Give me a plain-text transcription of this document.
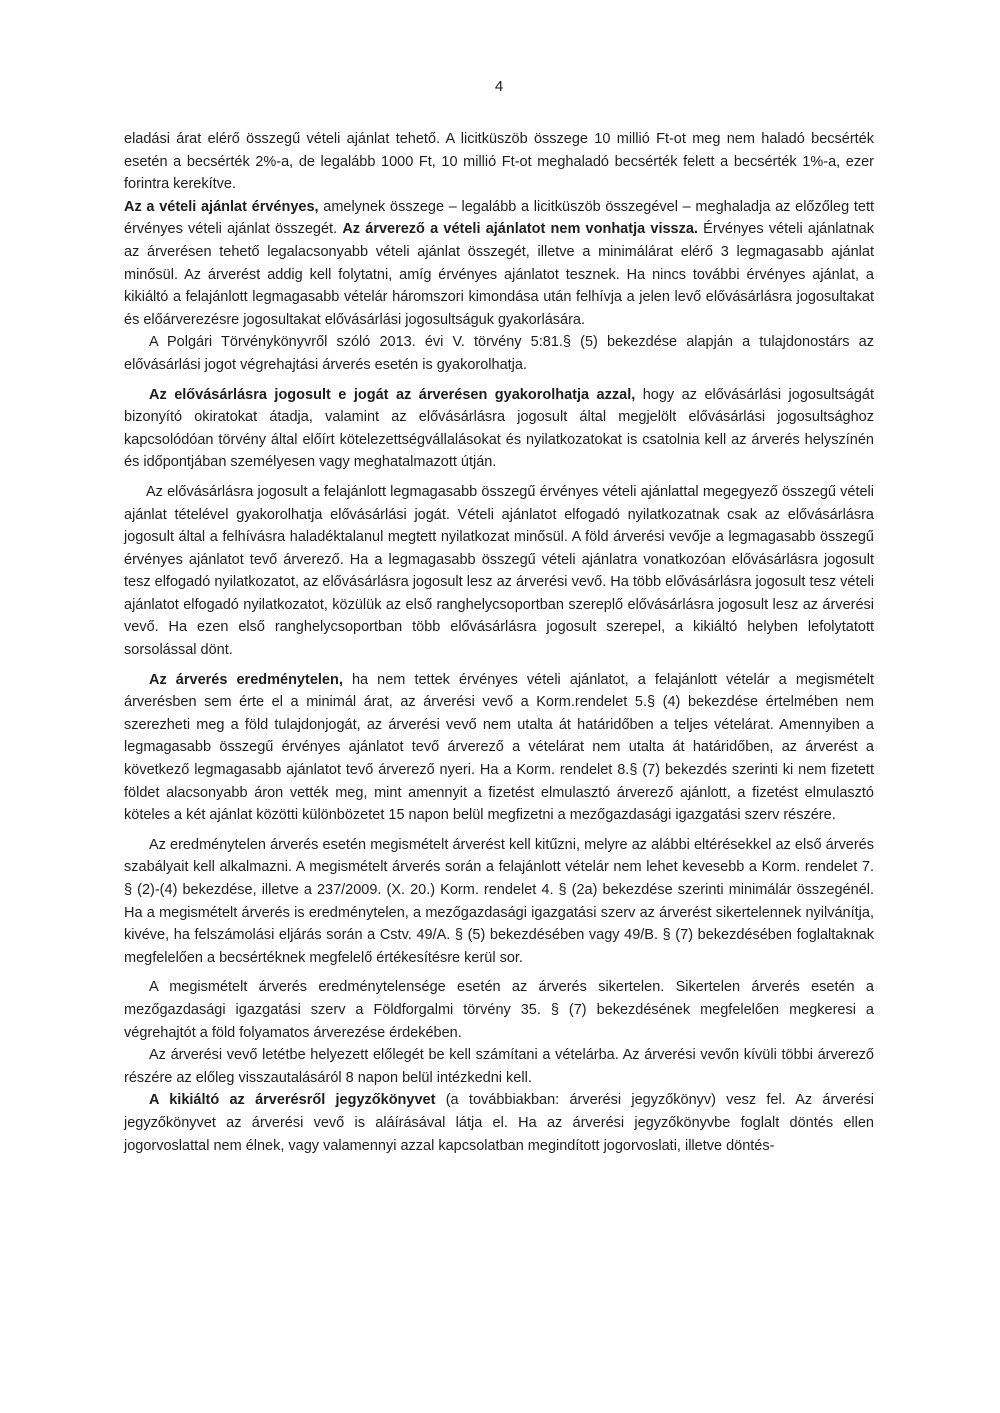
4

eladási árat elérő összegű vételi ajánlat tehető. A licitküszöb összege 10 millió Ft-ot meg nem haladó becsérték esetén a becsérték 2%-a, de legalább 1000 Ft, 10 millió Ft-ot meghaladó becsérték felett a becsérték 1%-a, ezer forintra kerekítve.

Az a vételi ajánlat érvényes, amelynek összege – legalább a licitküszöb összegével – meghaladja az előzőleg tett érvényes vételi ajánlat összegét. Az árverező a vételi ajánlatot nem vonhatja vissza. Érvényes vételi ajánlatnak az árverésen tehető legalacsonyabb vételi ajánlat összegét, illetve a minimálárat elérő 3 legmagasabb ajánlat minősül. Az árverést addig kell folytatni, amíg érvényes ajánlatot tesznek. Ha nincs további érvényes ajánlat, a kikiáltó a felajánlott legmagasabb vételár háromszori kimondása után felhívja a jelen levő elővásárlásra jogosultakat és előárverezésre jogosultakat elővásárlási jogosultságuk gyakorlására.

A Polgári Törvénykönyvről szóló 2013. évi V. törvény 5:81.§ (5) bekezdése alapján a tulajdonostárs az elővásárlási jogot végrehajtási árverés esetén is gyakorolhatja.

Az elővásárlásra jogosult e jogát az árverésen gyakorolhatja azzal, hogy az elővásárlási jogosultságát bizonyító okiratokat átadja, valamint az elővásárlásra jogosult által megjelölt elővásárlási jogosultsághoz kapcsolódóan törvény által előírt kötelezettségvállalásokat és nyilatkozatokat is csatolnia kell az árverés helyszínén és időpontjában személyesen vagy meghatalmazott útján.

Az elővásárlásra jogosult a felajánlott legmagasabb összegű érvényes vételi ajánlattal megegyező összegű vételi ajánlat tételével gyakorolhatja elővásárlási jogát. Vételi ajánlatot elfogadó nyilatkozatnak csak az elővásárlásra jogosult által a felhívásra haladéktalanul megtett nyilatkozat minősül. A föld árverési vevője a legmagasabb összegű érvényes ajánlatot tevő árverező. Ha a legmagasabb összegű vételi ajánlatra vonatkozóan elővásárlásra jogosult tesz elfogadó nyilatkozatot, az elővásárlásra jogosult lesz az árverési vevő. Ha több elővásárlásra jogosult tesz vételi ajánlatot elfogadó nyilatkozatot, közülük az első ranghelycsoportban szereplő elővásárlásra jogosult lesz az árverési vevő. Ha ezen első ranghelycsoportban több elővásárlásra jogosult szerepel, a kikiáltó helyben lefolytatott sorsolással dönt.

Az árverés eredménytelen, ha nem tettek érvényes vételi ajánlatot, a felajánlott vételár a megismételt árverésben sem érte el a minimál árat, az árverési vevő a Korm.rendelet 5.§ (4) bekezdése értelmében nem szerezheti meg a föld tulajdonjogát, az árverési vevő nem utalta át határidőben a teljes vételárat. Amennyiben a legmagasabb összegű érvényes ajánlatot tevő árverező a vételárat nem utalta át határidőben, az árverést a következő legmagasabb ajánlatot tevő árverező nyeri. Ha a Korm. rendelet 8.§ (7) bekezdés szerinti ki nem fizetett földet alacsonyabb áron vették meg, mint amennyit a fizetést elmulasztó árverező ajánlott, a fizetést elmulasztó köteles a két ajánlat közötti különbözetet 15 napon belül megfizetni a mezőgazdasági igazgatási szerv részére.

Az eredménytelen árverés esetén megismételt árverést kell kitűzni, melyre az alábbi eltérésekkel az első árverés szabályait kell alkalmazni. A megismételt árverés során a felajánlott vételár nem lehet kevesebb a Korm. rendelet 7. § (2)-(4) bekezdése, illetve a 237/2009. (X. 20.) Korm. rendelet 4. § (2a) bekezdése szerinti minimálár összegénél. Ha a megismételt árverés is eredménytelen, a mezőgazdasági igazgatási szerv az árverést sikertelennek nyilvánítja, kivéve, ha felszámolási eljárás során a Cstv. 49/A. § (5) bekezdésében vagy 49/B. § (7) bekezdésében foglaltaknak megfelelően a becsértéknek megfelelő értékesítésre kerül sor.

A megismételt árverés eredménytelensége esetén az árverés sikertelen. Sikertelen árverés esetén a mezőgazdasági igazgatási szerv a Földforgalmi törvény 35. § (7) bekezdésének megfelelően megkeresi a végrehajtót a föld folyamatos árverezése érdekében.

Az árverési vevő letétbe helyezett előlegét be kell számítani a vételárba. Az árverési vevőn kívüli többi árverező részére az előleg visszautalásáról 8 napon belül intézkedni kell.

A kikiáltó az árverésről jegyzőkönyvet (a továbbiakban: árverési jegyzőkönyv) vesz fel. Az árverési jegyzőkönyvet az árverési vevő is aláírásával látja el. Ha az árverési jegyzőkönyvbe foglalt döntés ellen jogorvoslattal nem élnek, vagy valamennyi azzal kapcsolatban megindított jogorvoslati, illetve döntés-
